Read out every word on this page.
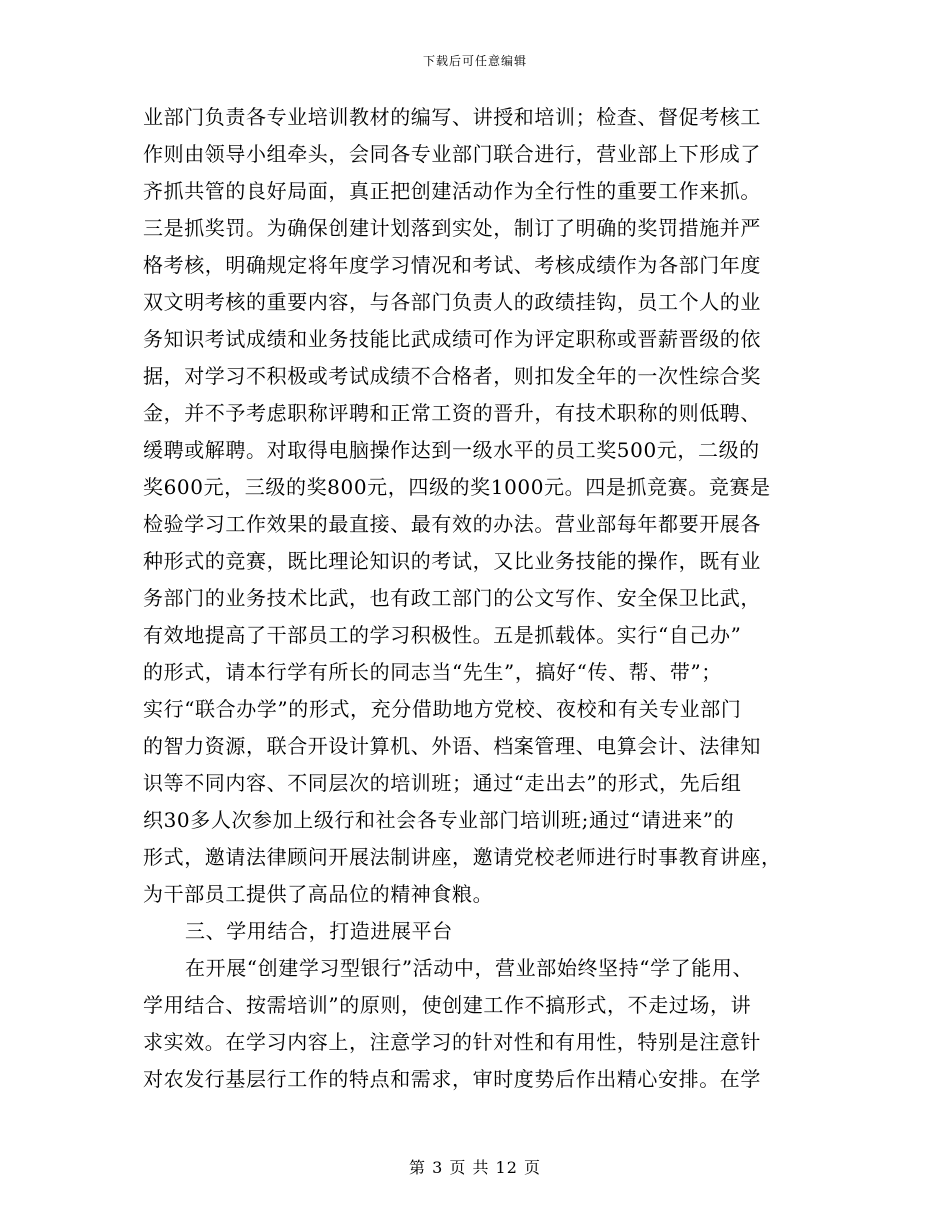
下载后可任意编辑
业部门负责各专业培训教材的编写、讲授和培训；检查、督促考核工
作则由领导小组牵头，会同各专业部门联合进行，营业部上下形成了
齐抓共管的良好局面，真正把创建活动作为全行性的重要工作来抓。
三是抓奖罚。为确保创建计划落到实处，制订了明确的奖罚措施并严
格考核，明确规定将年度学习情况和考试、考核成绩作为各部门年度
双文明考核的重要内容，与各部门负责人的政绩挂钩，员工个人的业
务知识考试成绩和业务技能比武成绩可作为评定职称或晋薪晋级的依
据，对学习不积极或考试成绩不合格者，则扣发全年的一次性综合奖
金，并不予考虑职称评聘和正常工资的晋升，有技术职称的则低聘、
缓聘或解聘。对取得电脑操作达到一级水平的员工奖500元，二级的
奖600元，三级的奖800元，四级的奖1000元。四是抓竞赛。竞赛是
检验学习工作效果的最直接、最有效的办法。营业部每年都要开展各
种形式的竞赛，既比理论知识的考试，又比业务技能的操作，既有业
务部门的业务技术比武，也有政工部门的公文写作、安全保卫比武，
有效地提高了干部员工的学习积极性。五是抓载体。实行“自己办”
的形式，请本行学有所长的同志当“先生”，搞好“传、帮、带”；
实行“联合办学”的形式，充分借助地方党校、夜校和有关专业部门
的智力资源，联合开设计算机、外语、档案管理、电算会计、法律知
识等不同内容、不同层次的培训班；通过“走出去”的形式，先后组
织30多人次参加上级行和社会各专业部门培训班;通过“请进来”的
形式，邀请法律顾问开展法制讲座，邀请党校老师进行时事教育讲座，
为干部员工提供了高品位的精神食粮。
三、学用结合，打造进展平台
在开展“创建学习型银行”活动中，营业部始终坚持“学了能用、
学用结合、按需培训”的原则，使创建工作不搞形式，不走过场，讲
求实效。在学习内容上，注意学习的针对性和有用性，特别是注意针
对农发行基层行工作的特点和需求，审时度势后作出精心安排。在学
第 3 页 共 12 页
